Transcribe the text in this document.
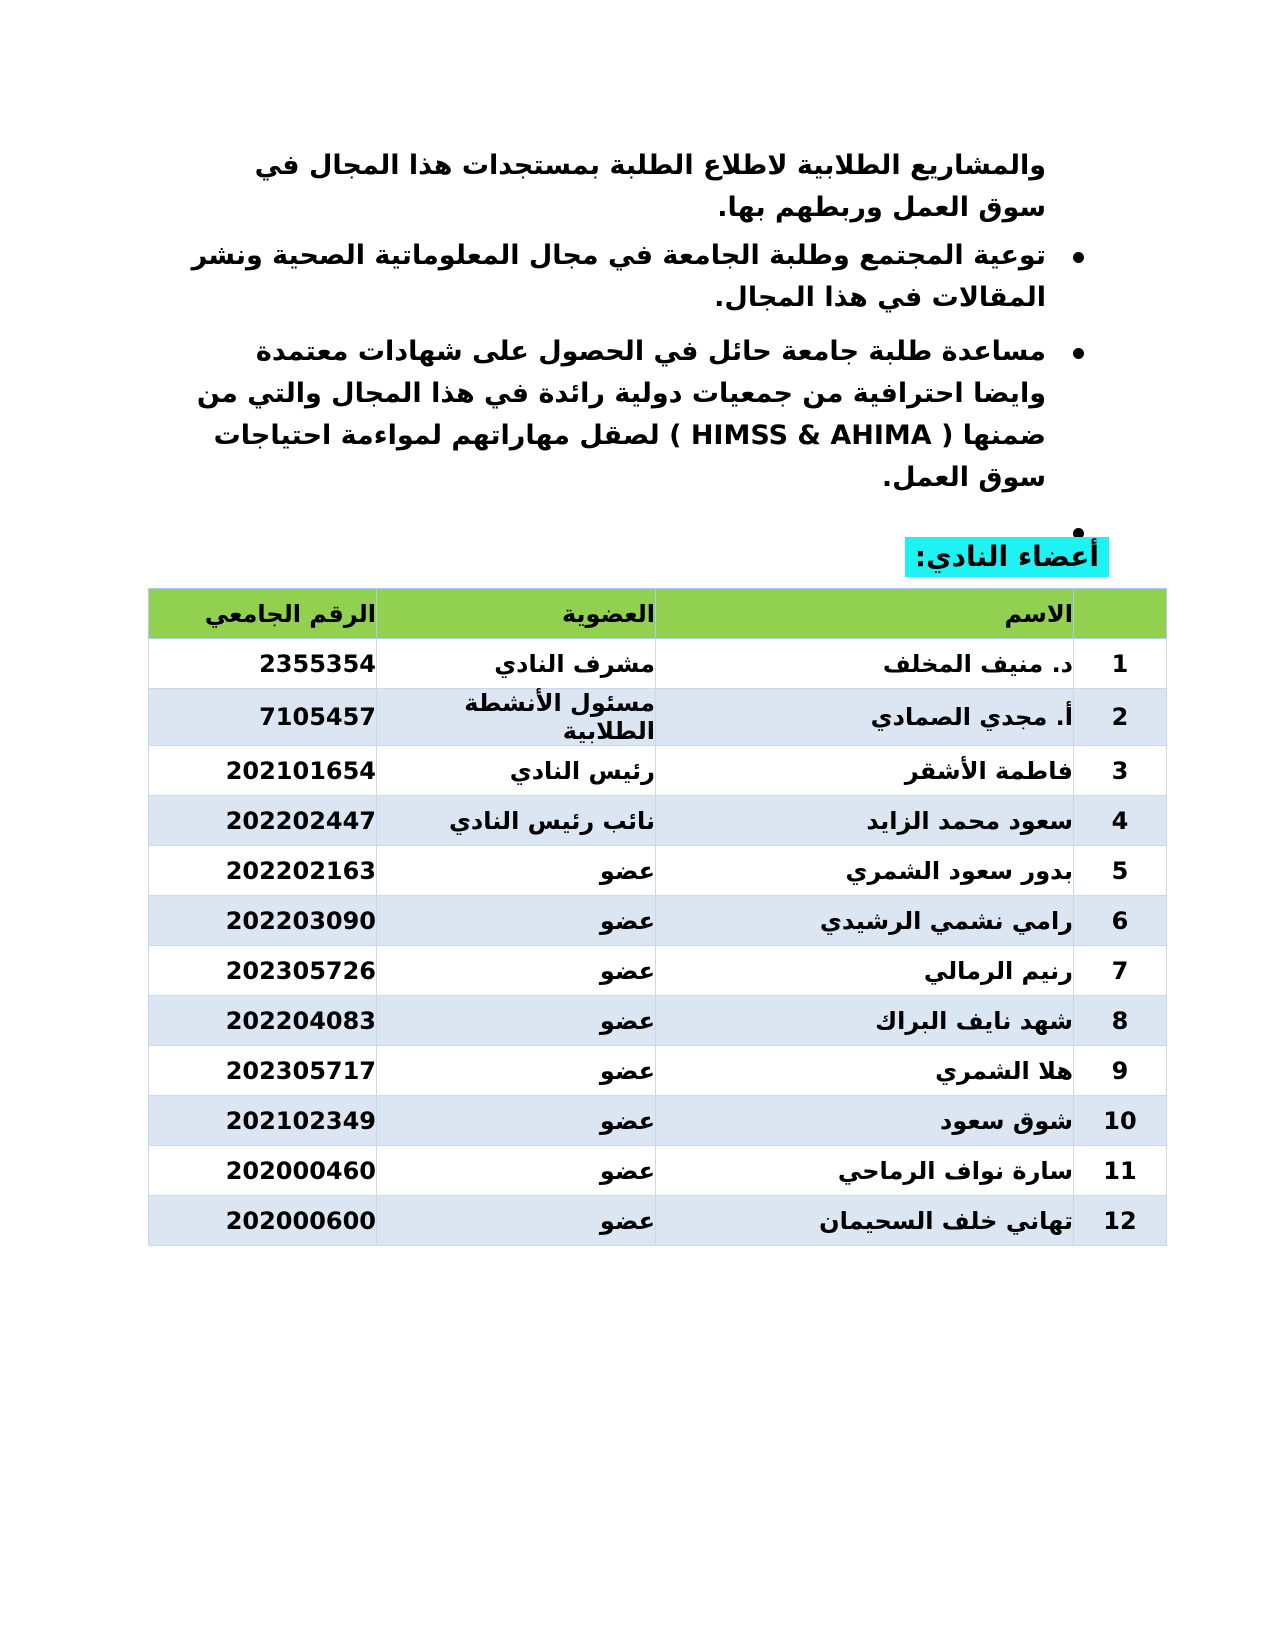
والمشاريع الطلابية لاطلاع الطلبة بمستجدات هذا المجال في سوق العمل وربطهم بها.
توعية المجتمع وطلبة الجامعة في مجال المعلوماتية الصحية ونشر المقالات في هذا المجال.
مساعدة طلبة جامعة حائل في الحصول على شهادات معتمدة وايضا احترافية من جمعيات دولية رائدة في هذا المجال والتي من ضمنها ( HIMSS & AHIMA ) لصقل مهاراتهم لمواءمة احتياجات سوق العمل.
أعضاء النادي:
	الاسم	العضوية	الرقم الجامعي
1	د. منيف المخلف	مشرف النادي	2355354
2	أ. مجدي الصمادي	مسئول الأنشطة الطلابية	7105457
3	فاطمة الأشقر	رئيس النادي	202101654
4	سعود محمد الزايد	نائب رئيس النادي	202202447
5	بدور سعود الشمري	عضو	202202163
6	رامي نشمي الرشيدي	عضو	202203090
7	رنيم الرمالي	عضو	202305726
8	شهد نايف البراك	عضو	202204083
9	هلا الشمري	عضو	202305717
10	شوق سعود	عضو	202102349
11	سارة نواف الرماحي	عضو	202000460
12	تهاني خلف السحيمان	عضو	202000600
